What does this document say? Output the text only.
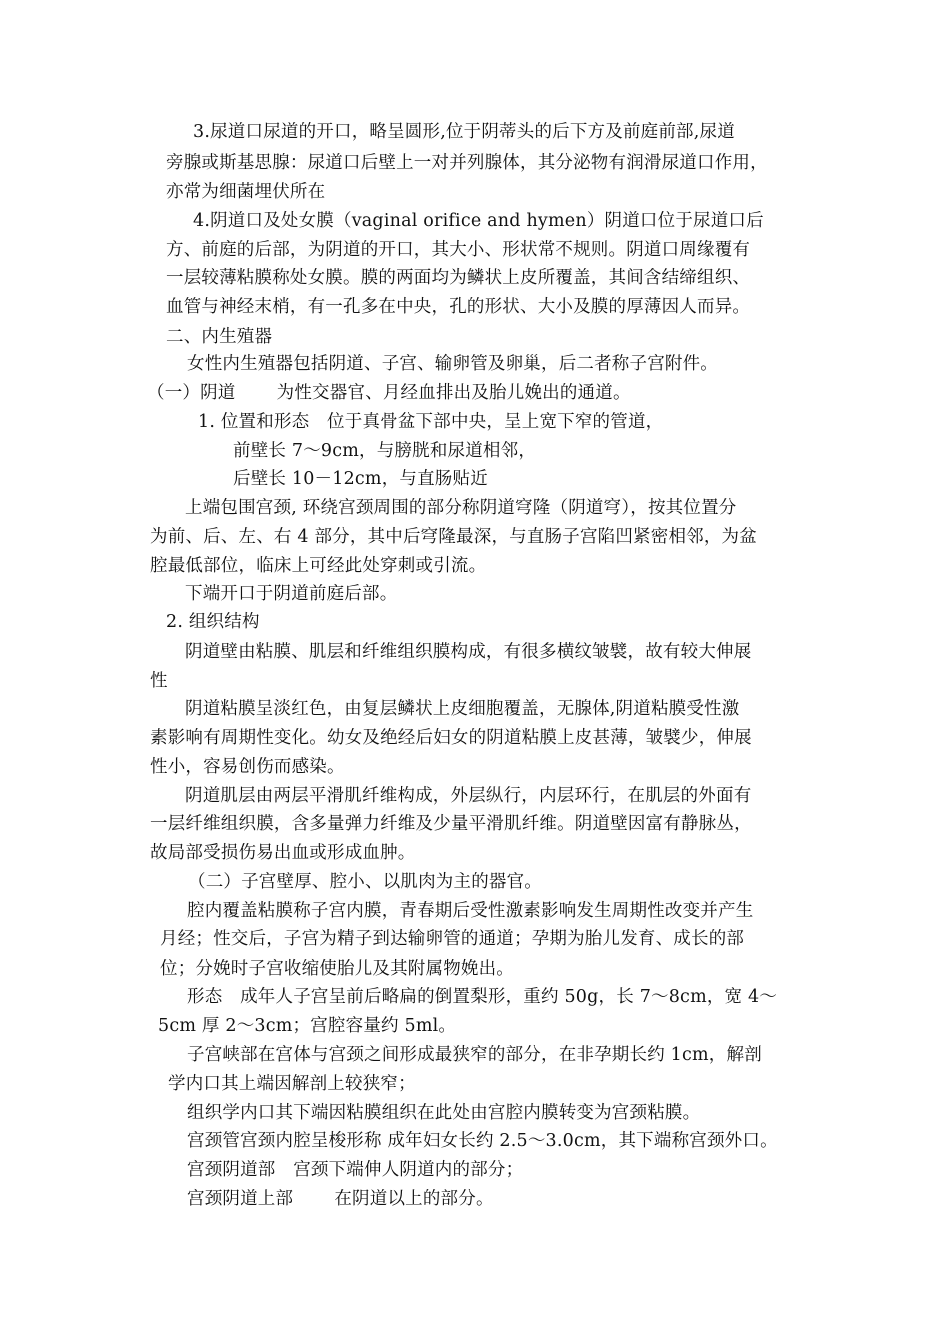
3.尿道口尿道的开口，略呈圆形,位于阴蒂头的后下方及前庭前部,尿道

旁腺或斯基思腺：尿道口后壁上一对并列腺体，其分泌物有润滑尿道口作用，

亦常为细菌埋伏所在

4.阴道口及处女膜（vaginal orifice and hymen）阴道口位于尿道口后

方、前庭的后部，为阴道的开口，其大小、形状常不规则。阴道口周缘覆有

一层较薄粘膜称处女膜。膜的两面均为鳞状上皮所覆盖，其间含结缔组织、

血管与神经末梢，有一孔多在中央，孔的形状、大小及膜的厚薄因人而异。

二、内生殖器

女性内生殖器包括阴道、子宫、输卵管及卵巢，后二者称子宫附件。

（一）阴道　　 为性交器官、月经血排出及胎儿娩出的通道。

1. 位置和形态　位于真骨盆下部中央，呈上宽下窄的管道，

前壁长 7～9cm，与膀胱和尿道相邻，

后壁长 10－12cm，与直肠贴近

上端包围宫颈, 环绕宫颈周围的部分称阴道穹隆（阴道穹），按其位置分

为前、后、左、右 4 部分，其中后穹隆最深，与直肠子宫陷凹紧密相邻，为盆

腔最低部位，临床上可经此处穿刺或引流。

下端开口于阴道前庭后部。

2. 组织结构

阴道壁由粘膜、肌层和纤维组织膜构成，有很多横纹皱襞，故有较大伸展

性

阴道粘膜呈淡红色，由复层鳞状上皮细胞覆盖，无腺体,阴道粘膜受性激

素影响有周期性变化。幼女及绝经后妇女的阴道粘膜上皮甚薄，皱襞少，伸展

性小，容易创伤而感染。

阴道肌层由两层平滑肌纤维构成，外层纵行，内层环行，在肌层的外面有

一层纤维组织膜，含多量弹力纤维及少量平滑肌纤维。阴道壁因富有静脉丛，

故局部受损伤易出血或形成血肿。

（二）子宫壁厚、腔小、以肌肉为主的器官。

腔内覆盖粘膜称子宫内膜，青春期后受性激素影响发生周期性改变并产生

月经；性交后，子宫为精子到达输卵管的通道；孕期为胎儿发育、成长的部

位；分娩时子宫收缩使胎儿及其附属物娩出。

形态　成年人子宫呈前后略扁的倒置梨形，重约 50g，长 7～8cm，宽 4～

5cm 厚 2～3cm；宫腔容量约 5ml。

子宫峡部在宫体与宫颈之间形成最狭窄的部分，在非孕期长约 1cm，解剖

学内口其上端因解剖上较狭窄；

组织学内口其下端因粘膜组织在此处由宫腔内膜转变为宫颈粘膜。

宫颈管宫颈内腔呈梭形称 成年妇女长约 2.5～3.0cm，其下端称宫颈外口。

宫颈阴道部　宫颈下端伸人阴道内的部分；

宫颈阴道上部　　 在阴道以上的部分。
